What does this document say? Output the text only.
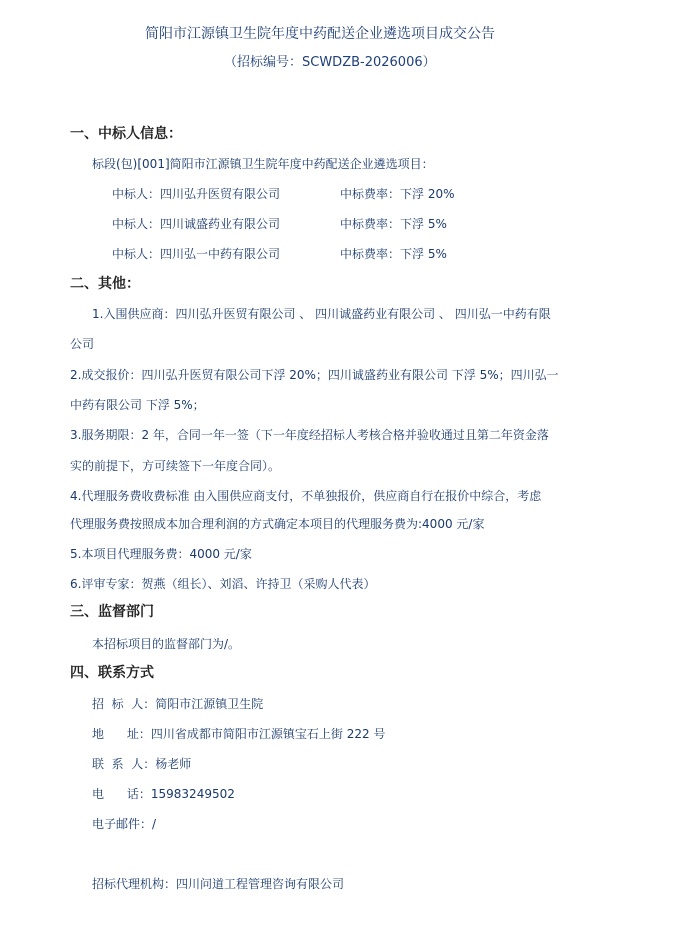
简阳市江源镇卫生院年度中药配送企业遴选项目成交公告
（招标编号：SCWDZB-2026006）
一、中标人信息：
标段(包)[001]简阳市江源镇卫生院年度中药配送企业遴选项目：
中标人：四川弘升医贸有限公司	中标费率：下浮 20%
中标人：四川诚盛药业有限公司	中标费率：下浮 5%
中标人：四川弘一中药有限公司	中标费率：下浮 5%
二、其他：
1.入围供应商：四川弘升医贸有限公司 、 四川诚盛药业有限公司 、 四川弘一中药有限
公司
2.成交报价：四川弘升医贸有限公司下浮 20%；四川诚盛药业有限公司 下浮 5%；四川弘一
中药有限公司 下浮 5%；
3.服务期限：2 年，合同一年一签（下一年度经招标人考核合格并验收通过且第二年资金落
实的前提下，方可续签下一年度合同）。
4.代理服务费收费标准 由入围供应商支付，不单独报价，供应商自行在报价中综合，考虑
代理服务费按照成本加合理利润的方式确定本项目的代理服务费为:4000 元/家
5.本项目代理服务费：4000 元/家
6.评审专家：贺燕（组长）、刘滔、许持卫（采购人代表）
三、监督部门
本招标项目的监督部门为/。
四、联系方式
招  标  人：简阳市江源镇卫生院
地      址：四川省成都市简阳市江源镇宝石上街 222 号
联  系  人：杨老师
电      话：15983249502
电子邮件：/
招标代理机构：四川问道工程管理咨询有限公司
